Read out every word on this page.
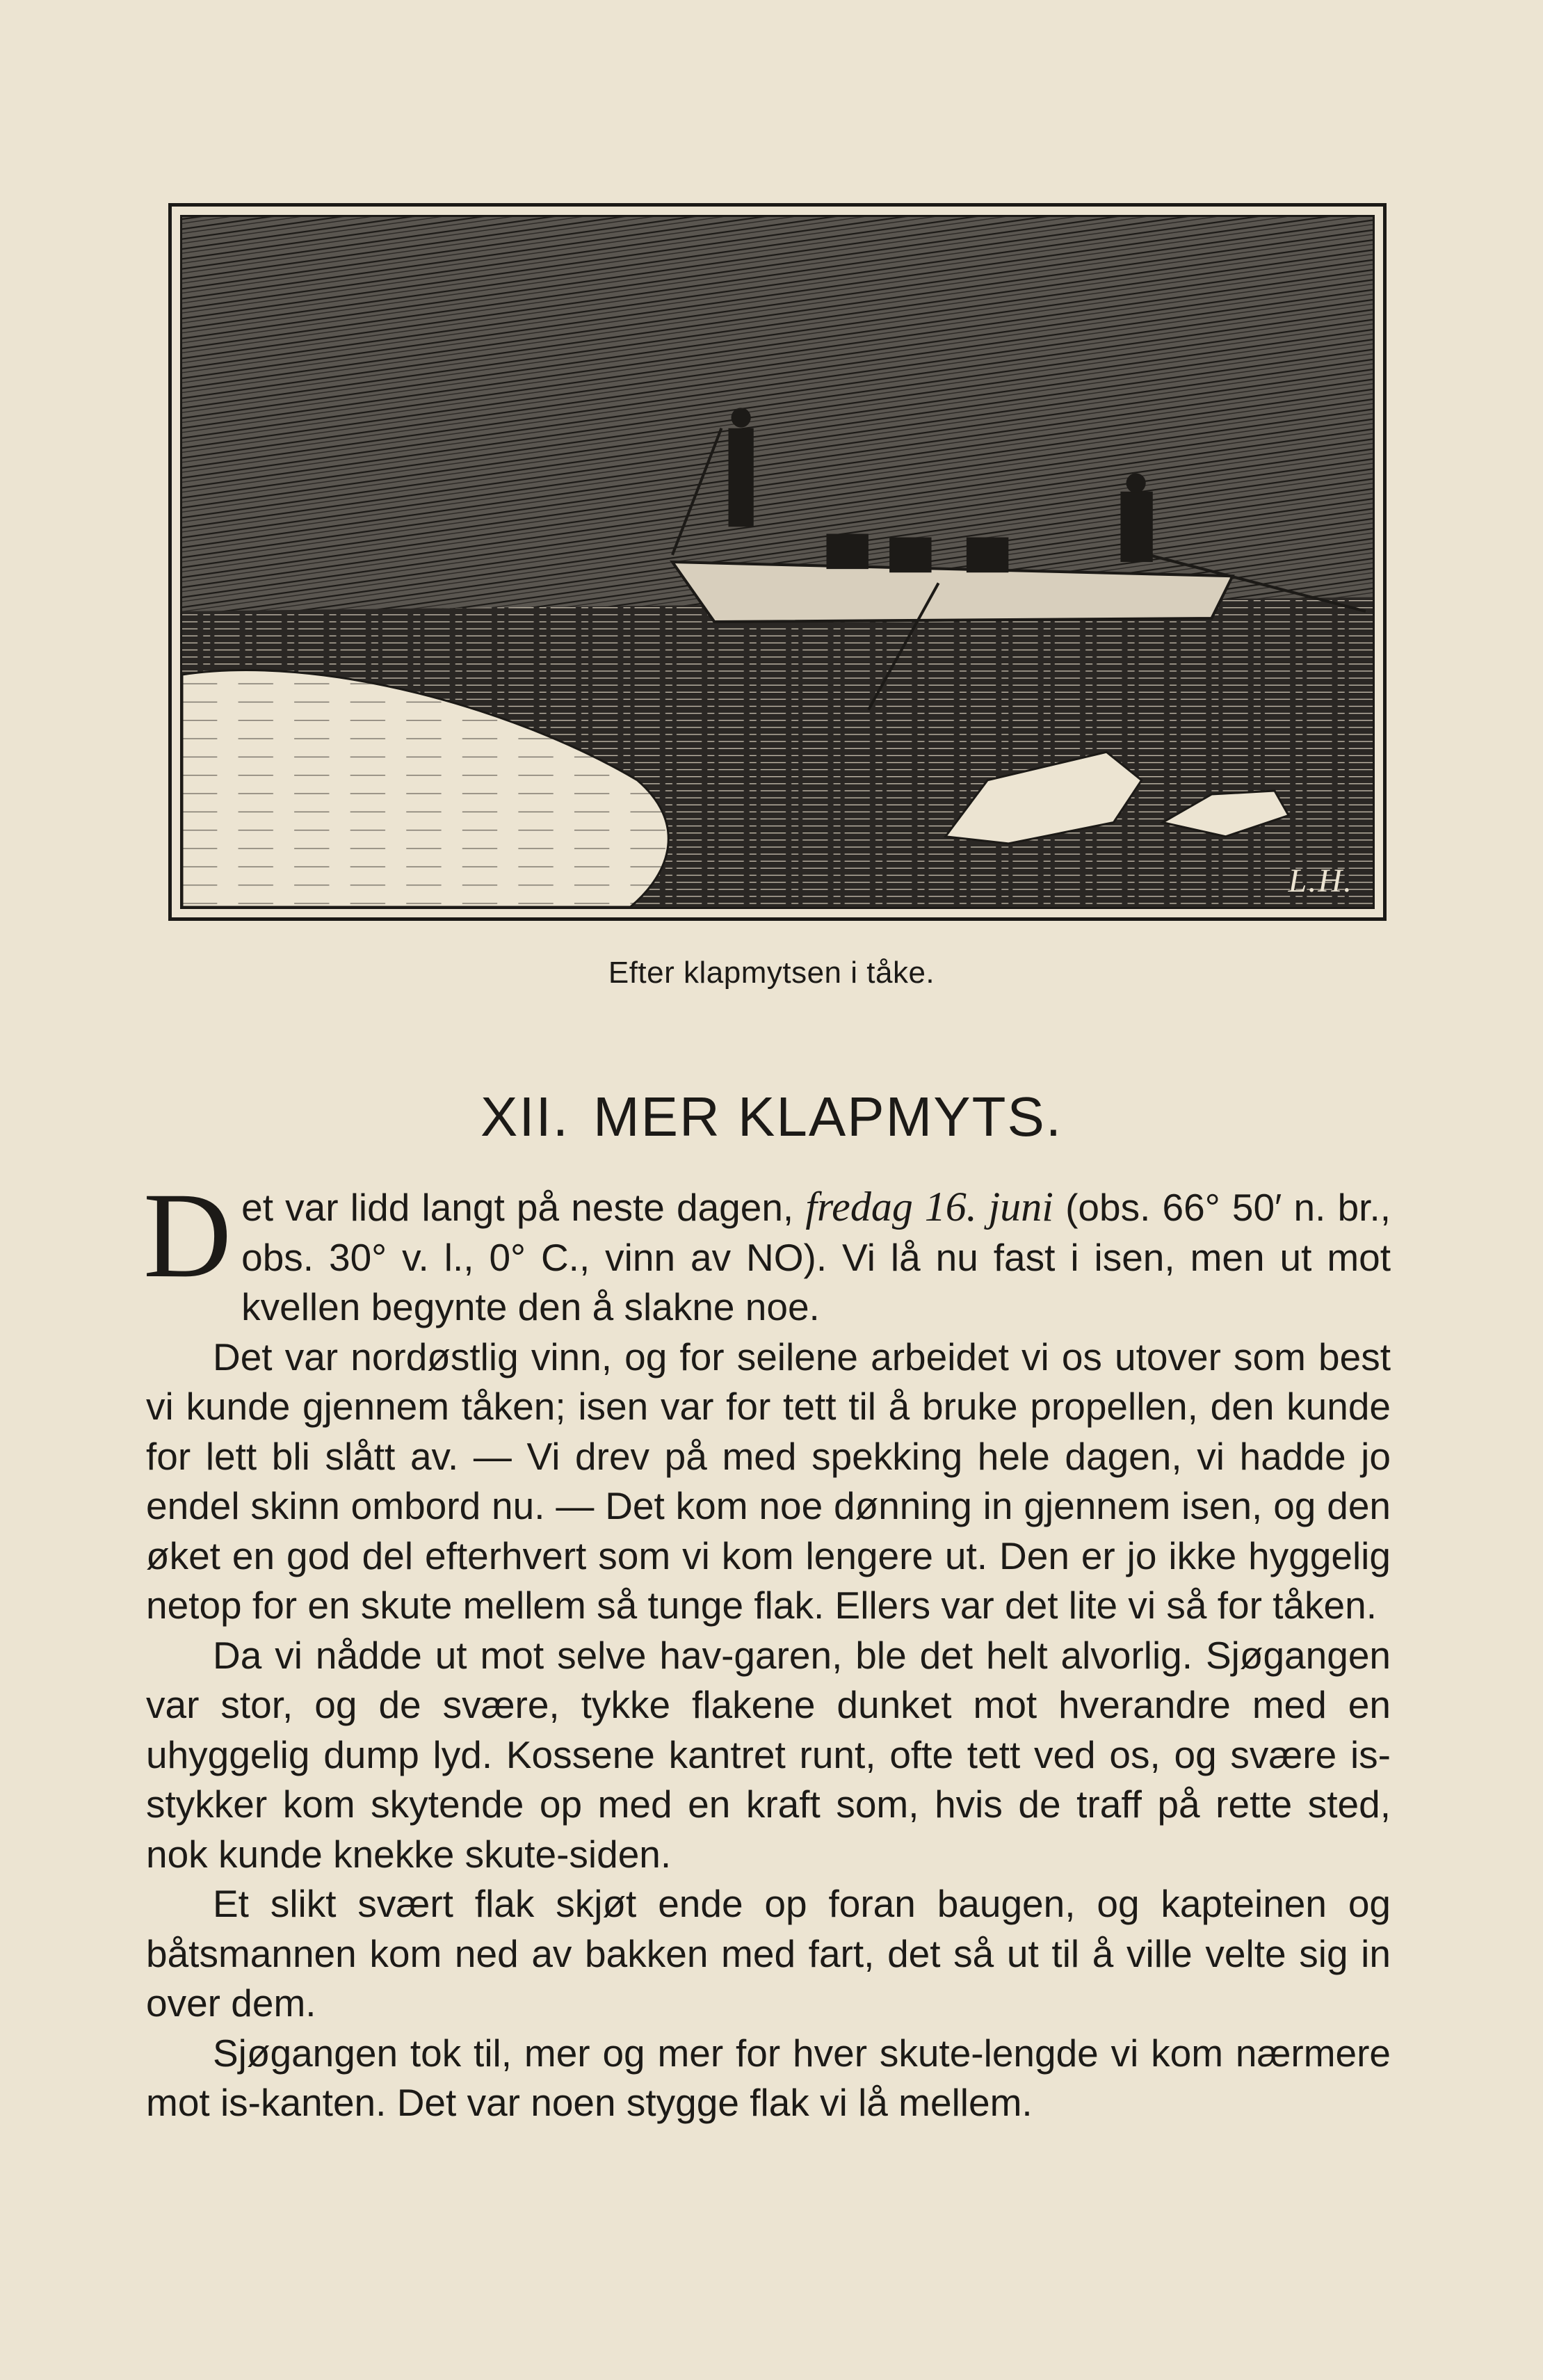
L.H.
Efter klapmytsen i tåke.
XII. MER KLAPMYTS.

Det var lidd langt på neste dagen, fredag 16. juni (obs. 66° 50′ n. br., obs. 30° v. l., 0° C., vinn av NO). Vi lå nu fast i isen, men ut mot kvellen begynte den å slakne noe.

Det var nordøstlig vinn, og for seilene arbeidet vi os utover som best vi kunde gjennem tåken; isen var for tett til å bruke propellen, den kunde for lett bli slått av. — Vi drev på med spekking hele dagen, vi hadde jo endel skinn ombord nu. — Det kom noe dønning in gjennem isen, og den øket en god del efterhvert som vi kom lengere ut. Den er jo ikke hyggelig netop for en skute mellem så tunge flak. Ellers var det lite vi så for tåken.

Da vi nådde ut mot selve hav-garen, ble det helt alvorlig. Sjøgangen var stor, og de svære, tykke flakene dunket mot hverandre med en uhyggelig dump lyd. Kossene kantret runt, ofte tett ved os, og svære is-stykker kom skytende op med en kraft som, hvis de traff på rette sted, nok kunde knekke skute-siden.

Et slikt svært flak skjøt ende op foran baugen, og kapteinen og båtsmannen kom ned av bakken med fart, det så ut til å ville velte sig in over dem.

Sjøgangen tok til, mer og mer for hver skute-lengde vi kom nærmere mot is-kanten. Det var noen stygge flak vi lå mellem.
